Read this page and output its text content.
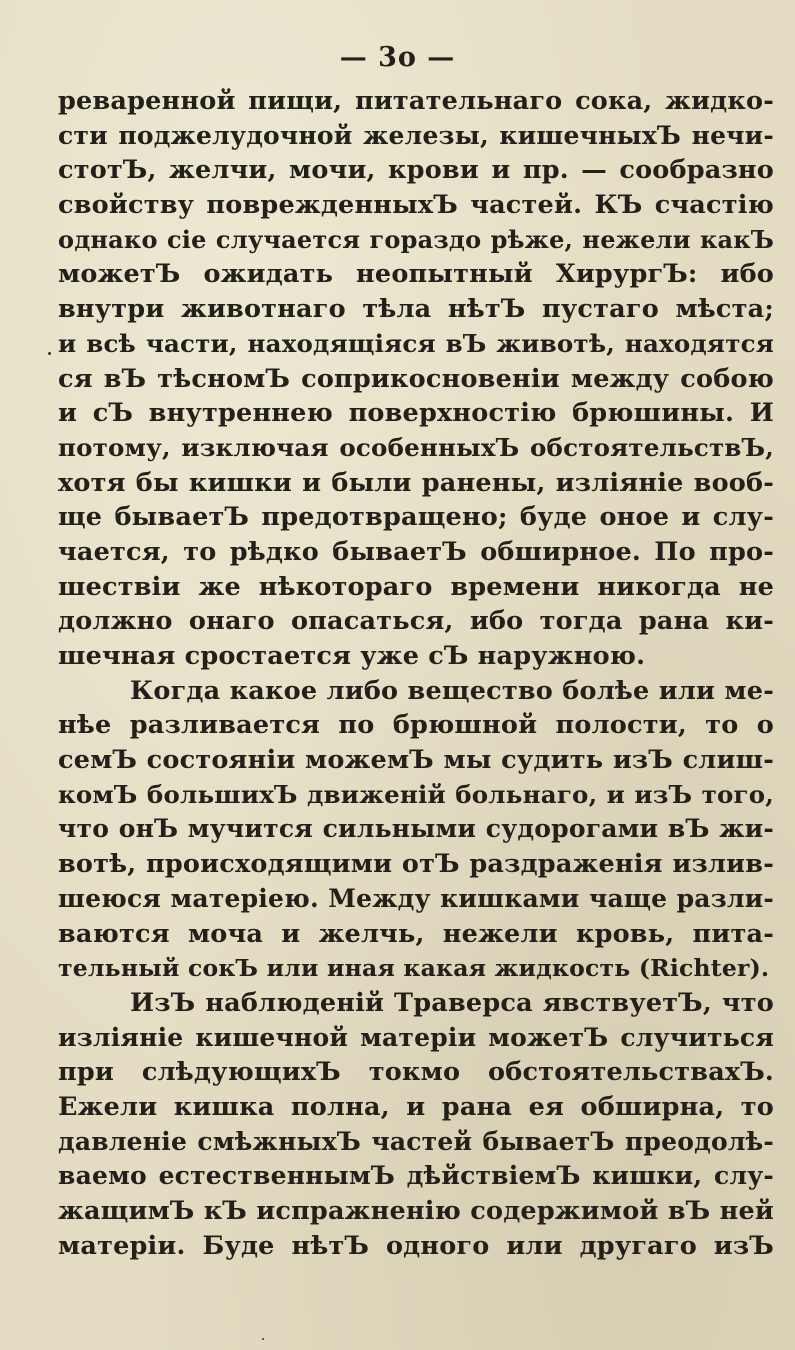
— 3о —
реваренной пищи, питательнаго сока, жидко-
сти поджелудочной железы, кишечныхЪ нечи-
стотЪ, желчи, мочи, крови и пр. — сообразно
свойству поврежденныхЪ частей. КЪ счастію
однако сіе случается гораздо рѣже, нежели какЪ
можетЪ ожидать неопытный ХирургЪ: ибо
внутри животнаго тѣла нѣтЪ пустаго мѣста;
и всѣ части, находящіяся вЪ животѣ, находятся
ся вЪ тѣсномЪ соприкосновеніи между собою
и сЪ внутреннею поверхностію брюшины. И
потому, изключая особенныхЪ обстоятельствЪ,
хотя бы кишки и были ранены, изліяніе вооб-
ще бываетЪ предотвращено; буде оное и слу-
чается, то рѣдко бываетЪ обширное. По про-
шествіи же нѣкотораго времени никогда не
должно онаго опасаться, ибо тогда рана ки-
шечная сростается уже сЪ наружною.
Когда какое либо вещество болѣе или ме-
нѣе разливается по брюшной полости, то о
семЪ состояніи можемЪ мы судить изЪ слиш-
комЪ большихЪ движеній больнаго, и изЪ того,
что онЪ мучится сильными судорогами вЪ жи-
вотѣ, происходящими отЪ раздраженія излив-
шеюся матеріею. Между кишками чаще разли-
ваются моча и желчь, нежели кровь, пита-
тельный сокЪ или иная какая жидкость (Richter).
ИзЪ наблюденій Траверса явствуетЪ, что
изліяніе кишечной матеріи можетЪ случиться
при слѣдующихЪ токмо обстоятельствахЪ.
Ежели кишка полна, и рана ея обширна, то
давленіе смѣжныхЪ частей бываетЪ преодолѣ-
ваемо естественнымЪ дѣйствіемЪ кишки, слу-
жащимЪ кЪ испражненію содержимой вЪ ней
матеріи. Буде нѣтЪ одного или другаго изЪ
